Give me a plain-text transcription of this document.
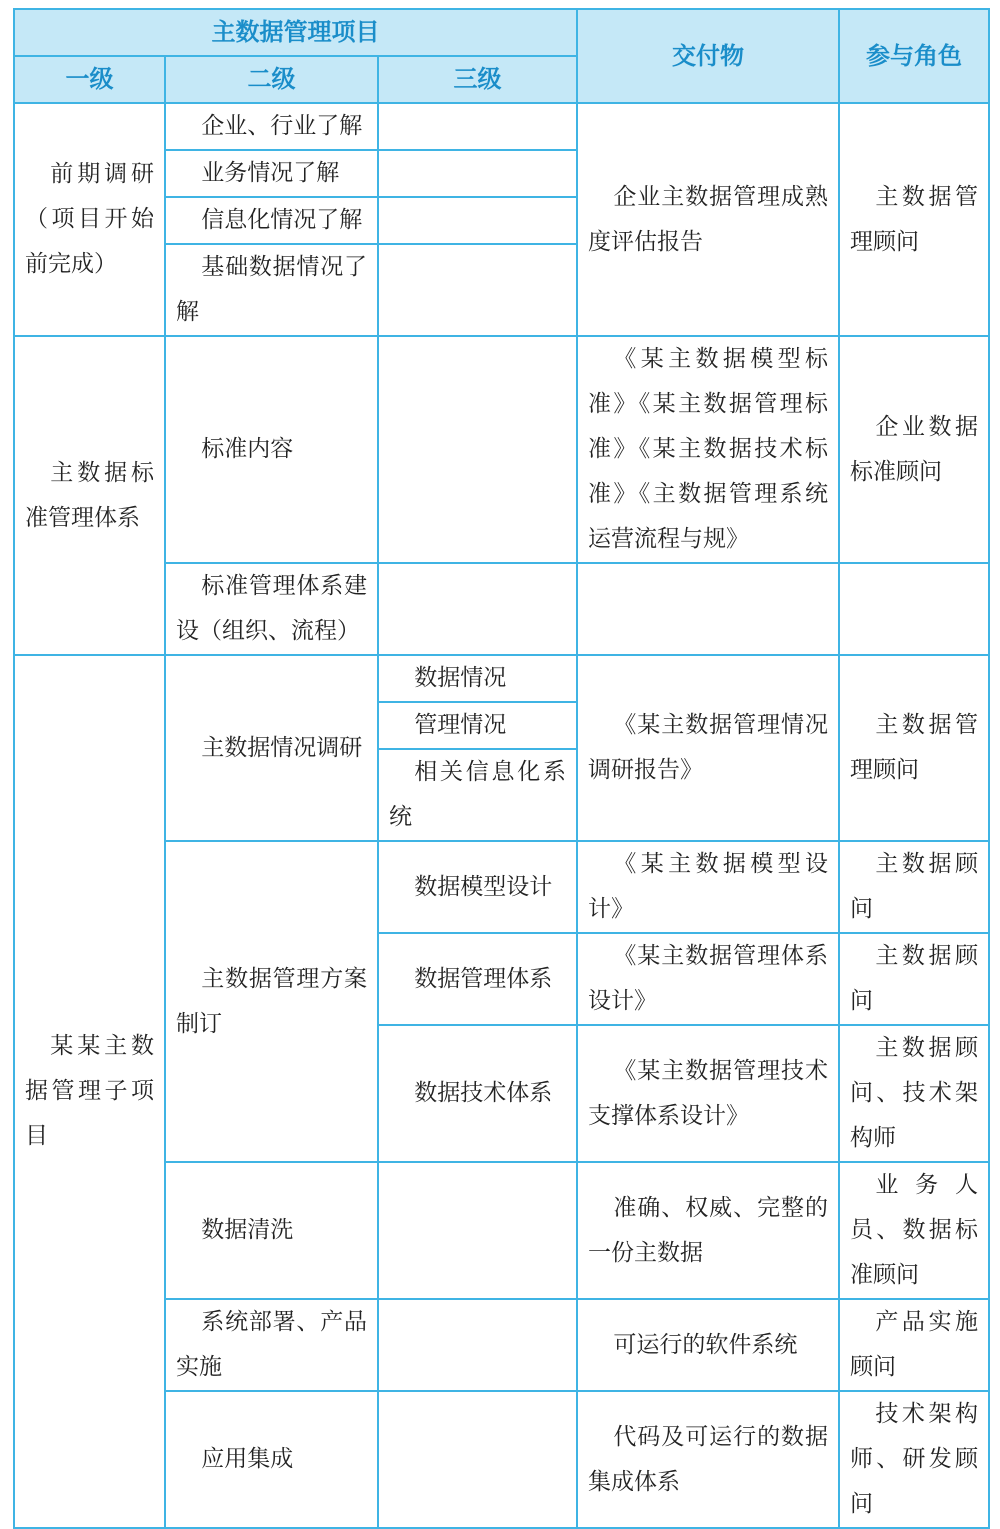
主数据管理项目			交付物	参与角色
一级	二级	三级		
前期调研（项目开始前完成）	企业、行业了解		企业主数据管理成熟度评估报告	主数据管理顾问
	业务情况了解			
	信息化情况了解			
	基础数据情况了解			
主数据标准管理体系	标准内容		《某主数据模型标准》《某主数据管理标准》《某主数据技术标准》《主数据管理系统运营流程与规》	企业数据标准顾问
	标准管理体系建设（组织、流程）			
某某主数据管理子项目	主数据情况调研	数据情况	《某主数据管理情况调研报告》	主数据管理顾问
		管理情况		
		相关信息化系统		
	主数据管理方案制订	数据模型设计	《某主数据模型设计》	主数据顾问
		数据管理体系	《某主数据管理体系设计》	主数据顾问
		数据技术体系	《某主数据管理技术支撑体系设计》	主数据顾问、技术架构师
	数据清洗		准确、权威、完整的一份主数据	业务人员、数据标准顾问
	系统部署、产品实施		可运行的软件系统	产品实施顾问
	应用集成		代码及可运行的数据集成体系	技术架构师、研发顾问
